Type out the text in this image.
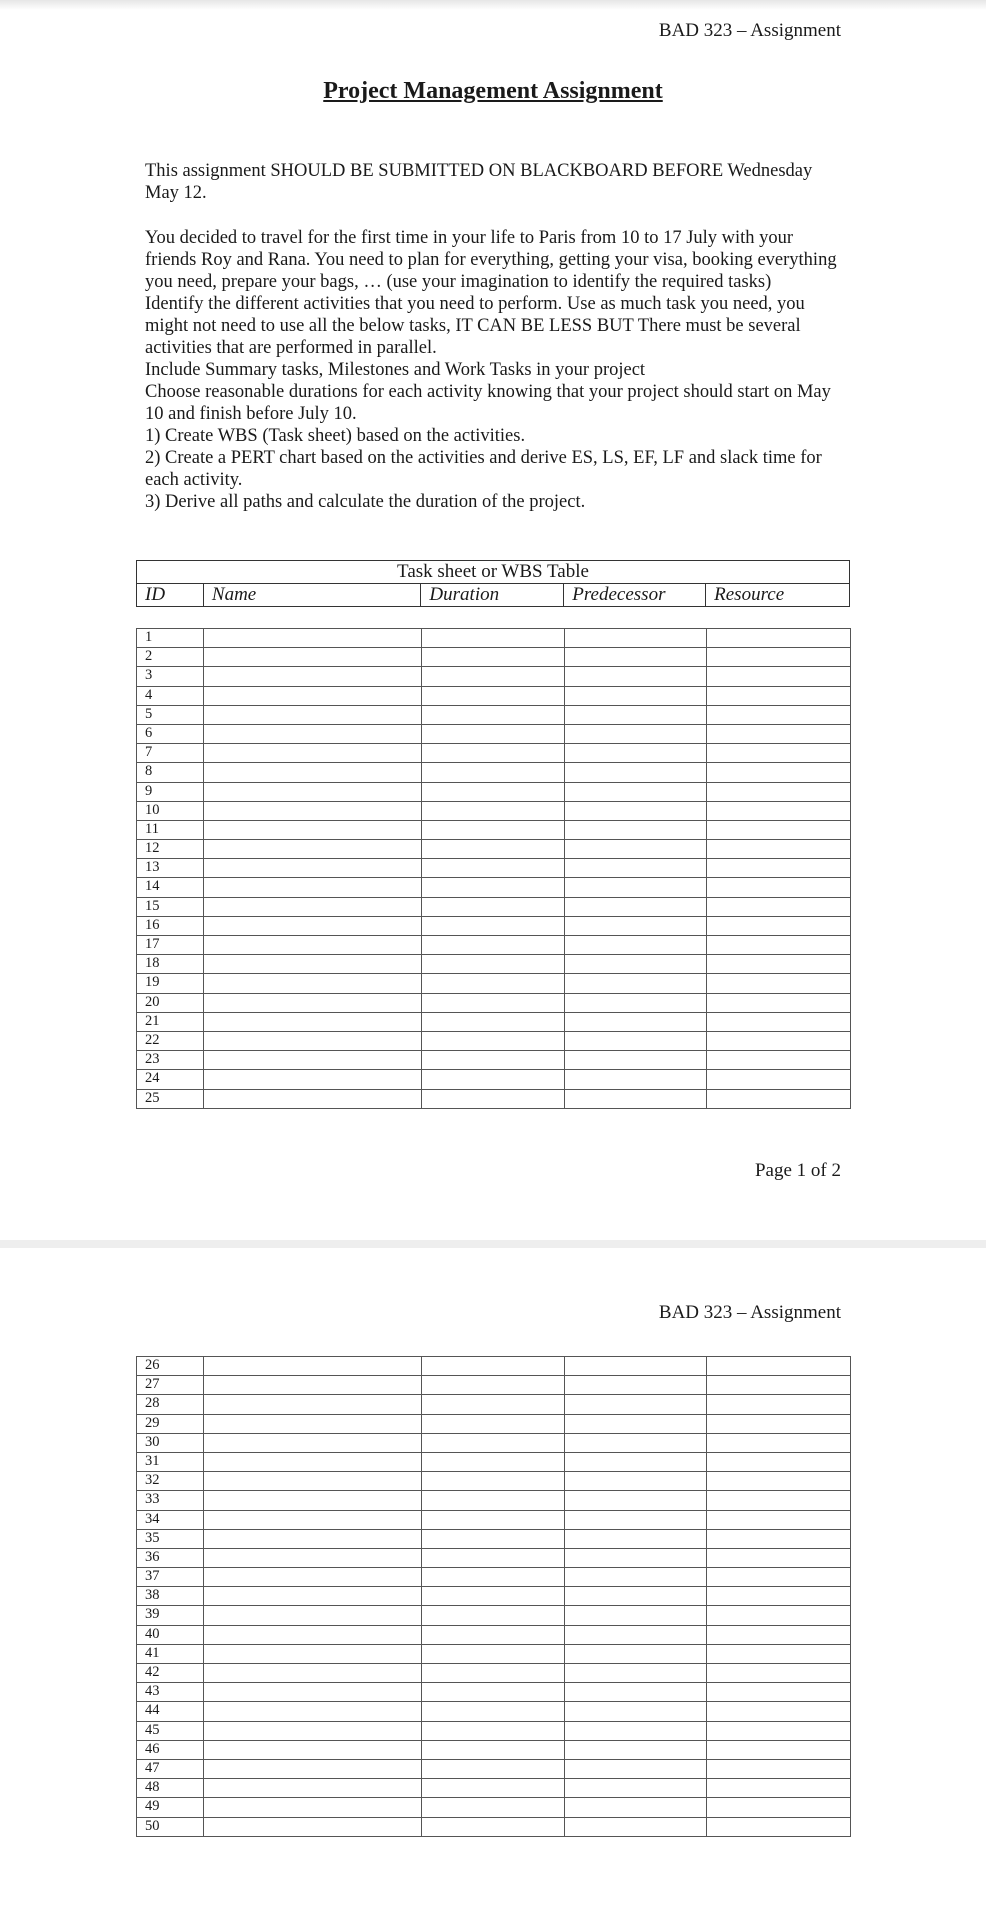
BAD 323 – Assignment
Project Management Assignment

This assignment SHOULD BE SUBMITTED ON BLACKBOARD BEFORE Wednesday May 12.

You decided to travel for the first time in your life to Paris from 10 to 17 July with your friends Roy and Rana. You need to plan for everything, getting your visa, booking everything you need, prepare your bags, … (use your imagination to identify the required tasks)

Identify the different activities that you need to perform. Use as much task you need, you might not need to use all the below tasks, IT CAN BE LESS BUT There must be several activities that are performed in parallel.

Include Summary tasks, Milestones and Work Tasks in your project

Choose reasonable durations for each activity knowing that your project should start on May 10 and finish before July 10.

1) Create WBS (Task sheet) based on the activities.

2) Create a PERT chart based on the activities and derive ES, LS, EF, LF and slack time for each activity.

3) Derive all paths and calculate the duration of the project.

Task sheet or WBS Table
ID	Name	Duration	Predecessor	Resource
1				
2				
3				
4				
5				
6				
7				
8				
9				
10				
11				
12				
13				
14				
15				
16				
17				
18				
19				
20				
21				
22				
23				
24				
25				
Page 1 of 2
BAD 323 – Assignment
26				
27				
28				
29				
30				
31				
32				
33				
34				
35				
36				
37				
38				
39				
40				
41				
42				
43				
44				
45				
46				
47				
48				
49				
50				
